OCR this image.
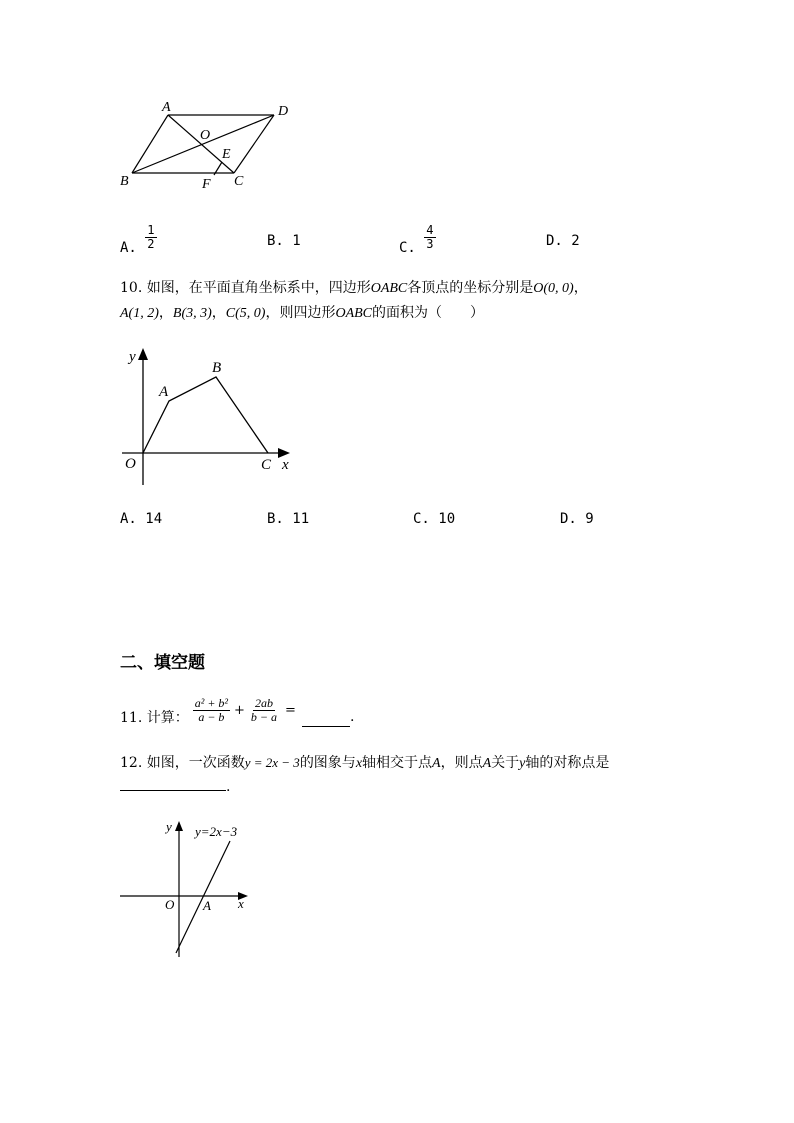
A	D
O
E
B	F C
A. $\frac{1}{2}$	B. 1	C. $\frac{4}{3}$	D. 2
10. 如图，在平面直角坐标系中，四边形OABC各顶点的坐标分别是O(0, 0)，
A(1, 2)，B(3, 3)，C(5, 0)，则四边形OABC的面积为（　　）
y
A
B
O	C x
A. 14	B. 11	C. 10	D. 9
二、填空题
11. 计算： $\frac{\text{a² + b²}}{a - b} + \frac{2ab}{b - a}$ =	.
12. 如图，一次函数y = 2x − 3的图象与x轴相交于点A，则点A关于y轴的对称点是
.
y y=2x−3
O A x
